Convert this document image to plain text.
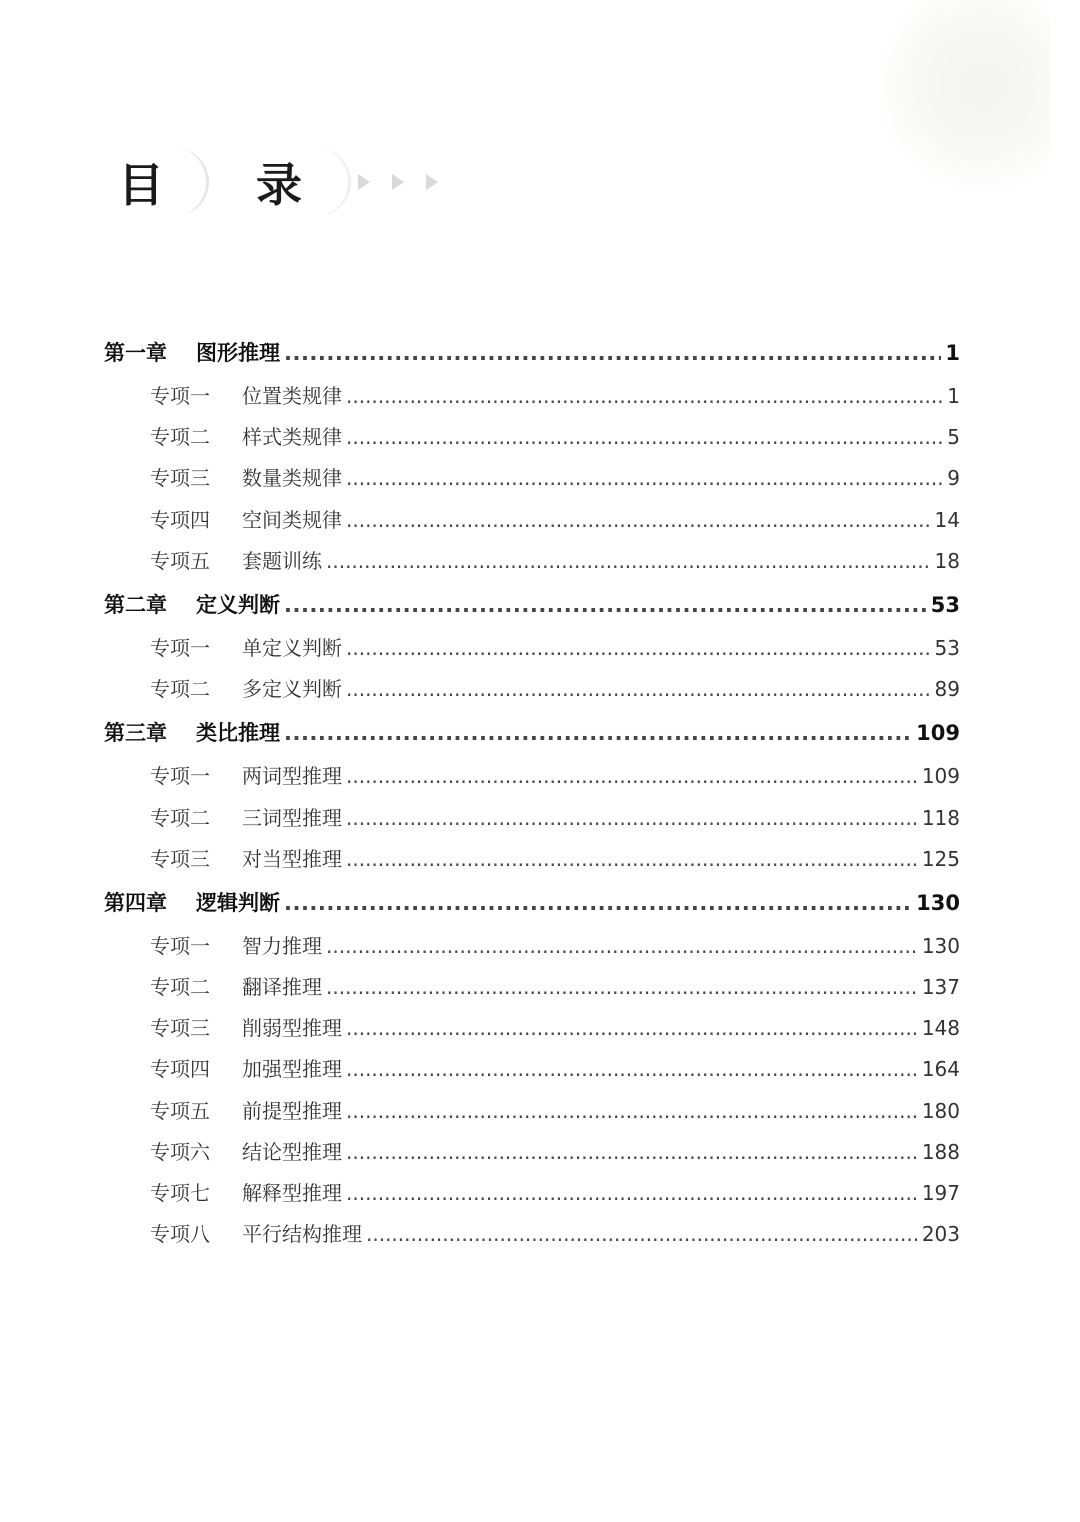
目 录
第一章	图形推理 .....	1
专项一	位置类规律 .....	1
专项二	样式类规律 .....	5
专项三	数量类规律 .....	9
专项四	空间类规律 .....	14
专项五	套题训练 .....	18
第二章	定义判断 .....	53
专项一	单定义判断 .....	53
专项二	多定义判断 .....	89
第三章	类比推理 .....	109
专项一	两词型推理 .....	109
专项二	三词型推理 .....	118
专项三	对当型推理 .....	125
第四章	逻辑判断 .....	130
专项一	智力推理 .....	130
专项二	翻译推理 .....	137
专项三	削弱型推理 .....	148
专项四	加强型推理 .....	164
专项五	前提型推理 .....	180
专项六	结论型推理 .....	188
专项七	解释型推理 .....	197
专项八	平行结构推理 .....	203
